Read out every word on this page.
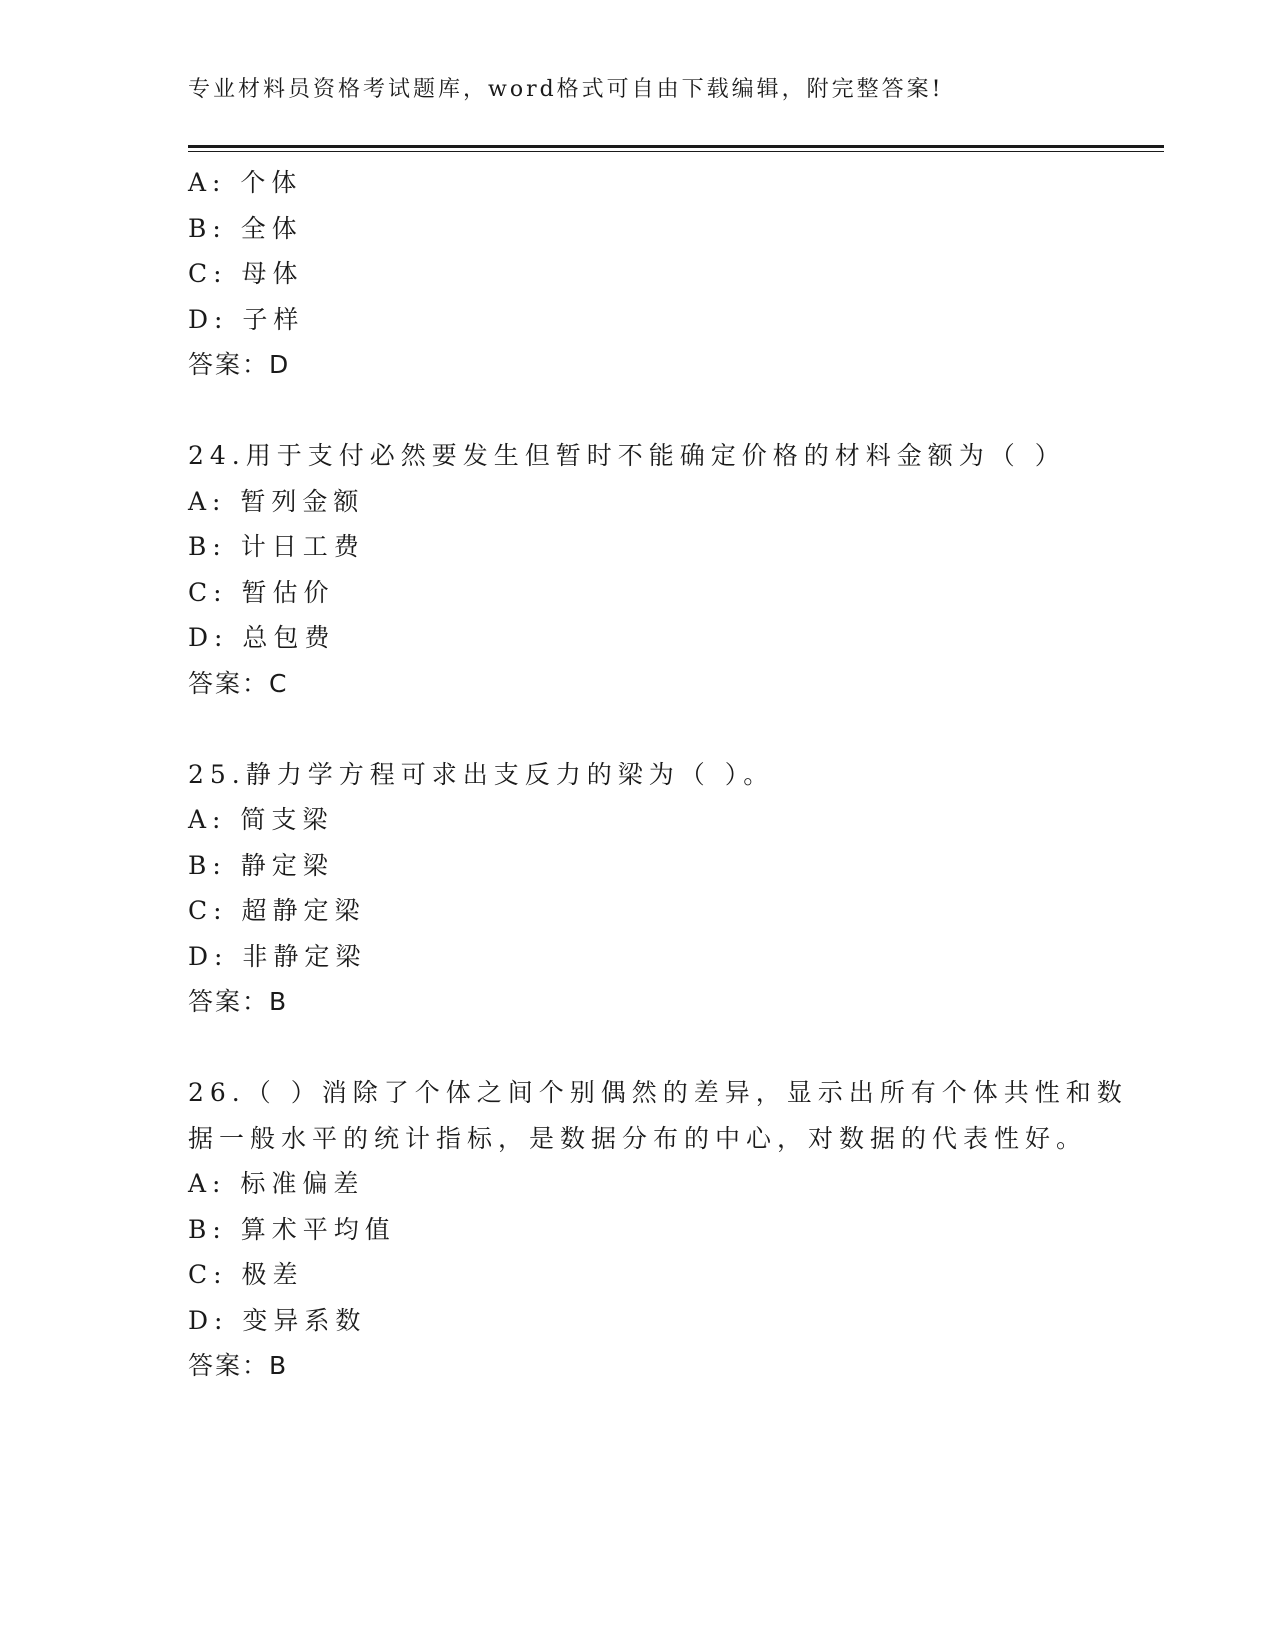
专业材料员资格考试题库，word格式可自由下载编辑，附完整答案!
A: 个体
B: 全体
C: 母体
D: 子样
答案：D
24.用于支付必然要发生但暂时不能确定价格的材料金额为（ ）
A: 暂列金额
B: 计日工费
C: 暂估价
D: 总包费
答案：C
25.静力学方程可求出支反力的梁为（ ）。
A: 简支梁
B: 静定梁
C: 超静定梁
D: 非静定梁
答案：B
26.（ ）消除了个体之间个别偶然的差异，显示出所有个体共性和数
据一般水平的统计指标，是数据分布的中心，对数据的代表性好。
A: 标准偏差
B: 算术平均值
C: 极差
D: 变异系数
答案：B
